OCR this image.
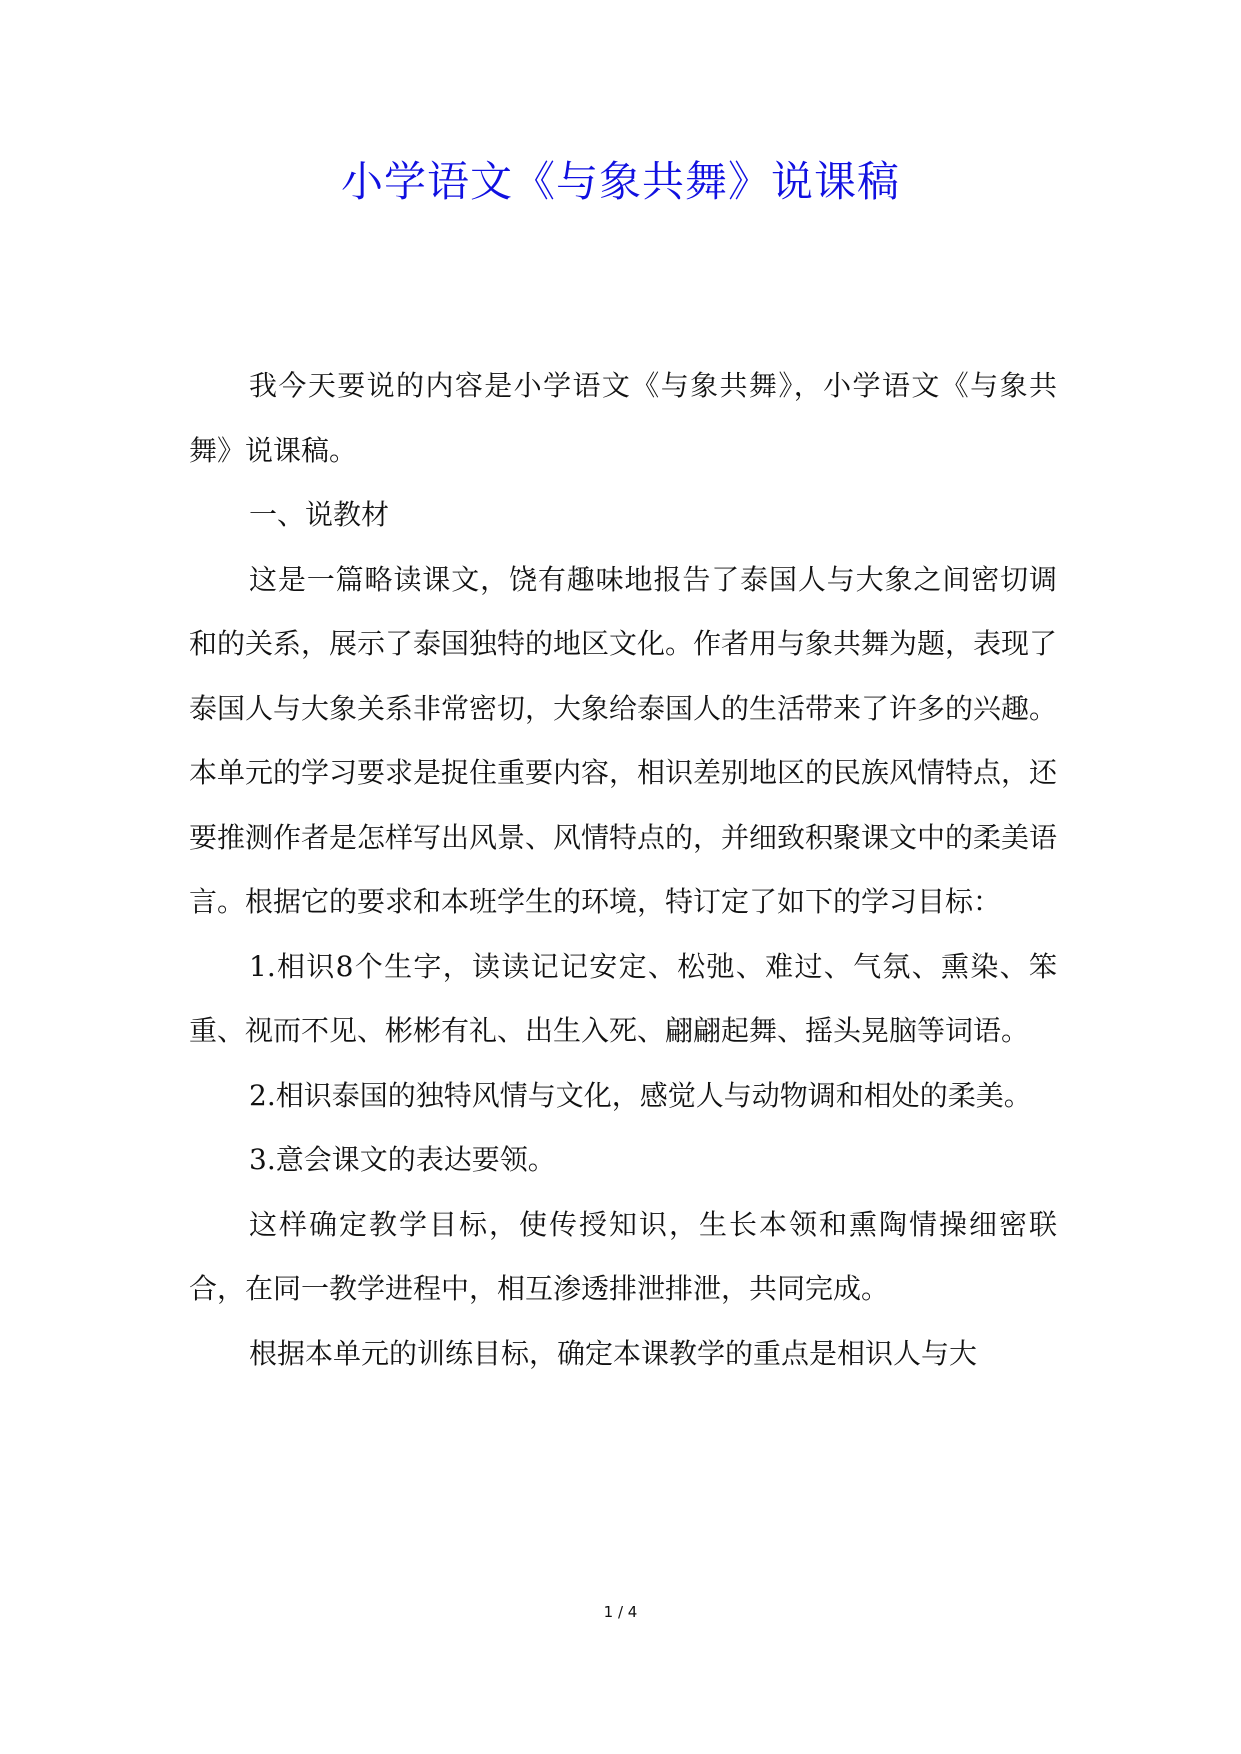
小学语文《与象共舞》说课稿

我今天要说的内容是小学语文《与象共舞》，小学语文《与象共舞》说课稿。

一、说教材

这是一篇略读课文，饶有趣味地报告了泰国人与大象之间密切调和的关系，展示了泰国独特的地区文化。作者用与象共舞为题，表现了泰国人与大象关系非常密切，大象给泰国人的生活带来了许多的兴趣。本单元的学习要求是捉住重要内容，相识差别地区的民族风情特点，还要推测作者是怎样写出风景、风情特点的，并细致积聚课文中的柔美语言。根据它的要求和本班学生的环境，特订定了如下的学习目标：

1.相识8个生字，读读记记安定、松弛、难过、气氛、熏染、笨重、视而不见、彬彬有礼、出生入死、翩翩起舞、摇头晃脑等词语。

2.相识泰国的独特风情与文化，感觉人与动物调和相处的柔美。

3.意会课文的表达要领。

这样确定教学目标，使传授知识，生长本领和熏陶情操细密联合，在同一教学进程中，相互渗透排泄排泄，共同完成。

根据本单元的训练目标，确定本课教学的重点是相识人与大

1 / 4
